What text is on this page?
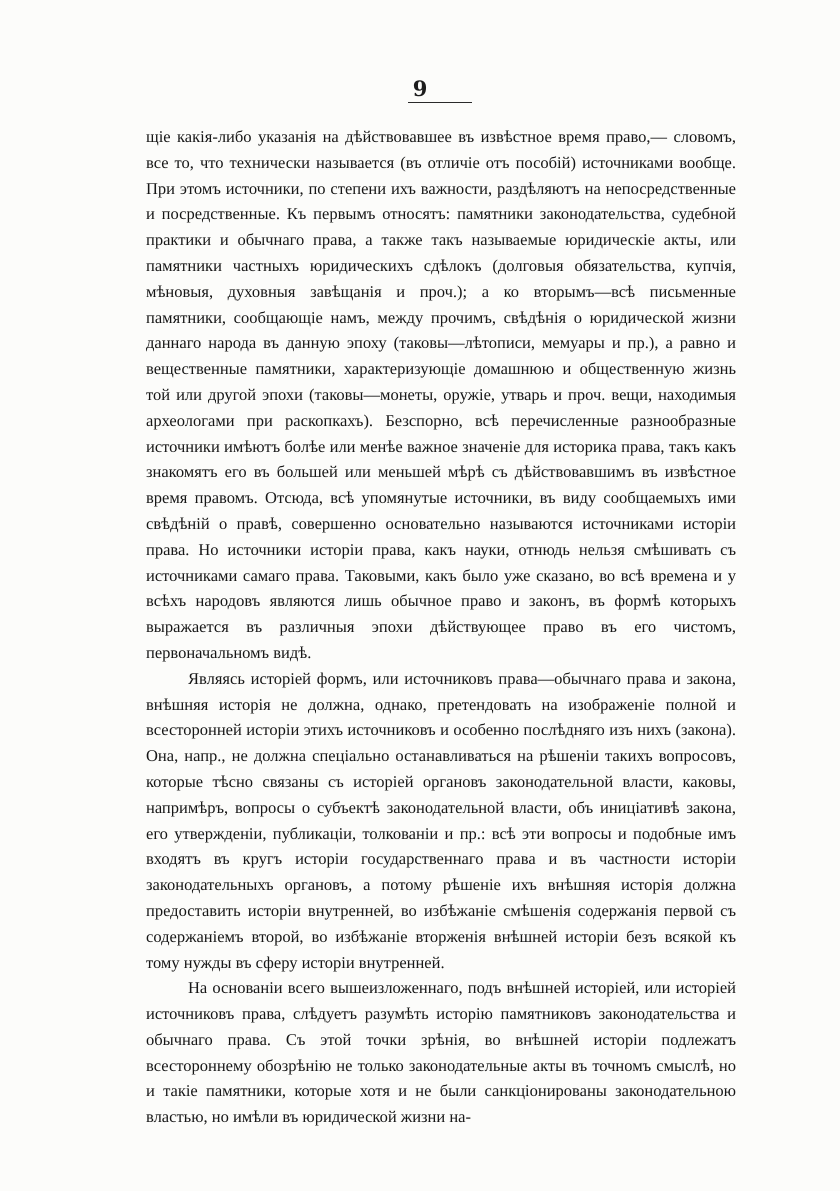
9

щіе какія-либо указанія на дѣйствовавшее въ извѣстное время право,— словомъ, все то, что технически называется (въ отличіе отъ пособій) источниками вообще. При этомъ источники, по степени ихъ важности, раздѣляютъ на непосредственные и посредственные. Къ первымъ относятъ: памятники законодательства, судебной практики и обычнаго права, а также такъ называемые юридическіе акты, или памятники частныхъ юридическихъ сдѣлокъ (долговыя обязательства, купчія, мѣновыя, духовныя завѣщанія и проч.); а ко вторымъ—всѣ письменные памятники, сообщающіе намъ, между прочимъ, свѣдѣнія о юридической жизни даннаго народа въ данную эпоху (таковы—лѣтописи, мемуары и пр.), а равно и вещественные памятники, характеризующіе домашнюю и общественную жизнь той или другой эпохи (таковы—монеты, оружіе, утварь и проч. вещи, находимыя археологами при раскопкахъ). Безспорно, всѣ перечисленные разнообразные источники имѣютъ болѣе или менѣе важное значеніе для историка права, такъ какъ знакомятъ его въ большей или меньшей мѣрѣ съ дѣйствовавшимъ въ извѣстное время правомъ. Отсюда, всѣ упомянутые источники, въ виду сообщаемыхъ ими свѣдѣній о правѣ, совершенно основательно называются источниками исторіи права. Но источники исторіи права, какъ науки, отнюдь нельзя смѣшивать съ источниками самаго права. Таковыми, какъ было уже сказано, во всѣ времена и у всѣхъ народовъ являются лишь обычное право и законъ, въ формѣ которыхъ выражается въ различныя эпохи дѣйствующее право въ его чистомъ, первоначальномъ видѣ.

Являясь исторіей формъ, или источниковъ права—обычнаго права и закона, внѣшняя исторія не должна, однако, претендовать на изображеніе полной и всесторонней исторіи этихъ источниковъ и особенно послѣдняго изъ нихъ (закона). Она, напр., не должна спеціально останавливаться на рѣшеніи такихъ вопросовъ, которые тѣсно связаны съ исторіей органовъ законодательной власти, каковы, напримѣръ, вопросы о субъектѣ законодательной власти, объ иниціативѣ закона, его утвержденіи, публикаціи, толкованіи и пр.: всѣ эти вопросы и подобные имъ входятъ въ кругъ исторіи государственнаго права и въ частности исторіи законодательныхъ органовъ, а потому рѣшеніе ихъ внѣшняя исторія должна предоставить исторіи внутренней, во избѣжаніе смѣшенія содержанія первой съ содержаніемъ второй, во избѣжаніе вторженія внѣшней исторіи безъ всякой къ тому нужды въ сферу исторіи внутренней.

На основаніи всего вышеизложеннаго, подъ внѣшней исторіей, или исторіей источниковъ права, слѣдуетъ разумѣть исторію памятниковъ законодательства и обычнаго права. Съ этой точки зрѣнія, во внѣшней исторіи подлежатъ всестороннему обозрѣнію не только законодательные акты въ точномъ смыслѣ, но и такіе памятники, которые хотя и не были санкціонированы законодательною властью, но имѣли въ юридической жизни на-
